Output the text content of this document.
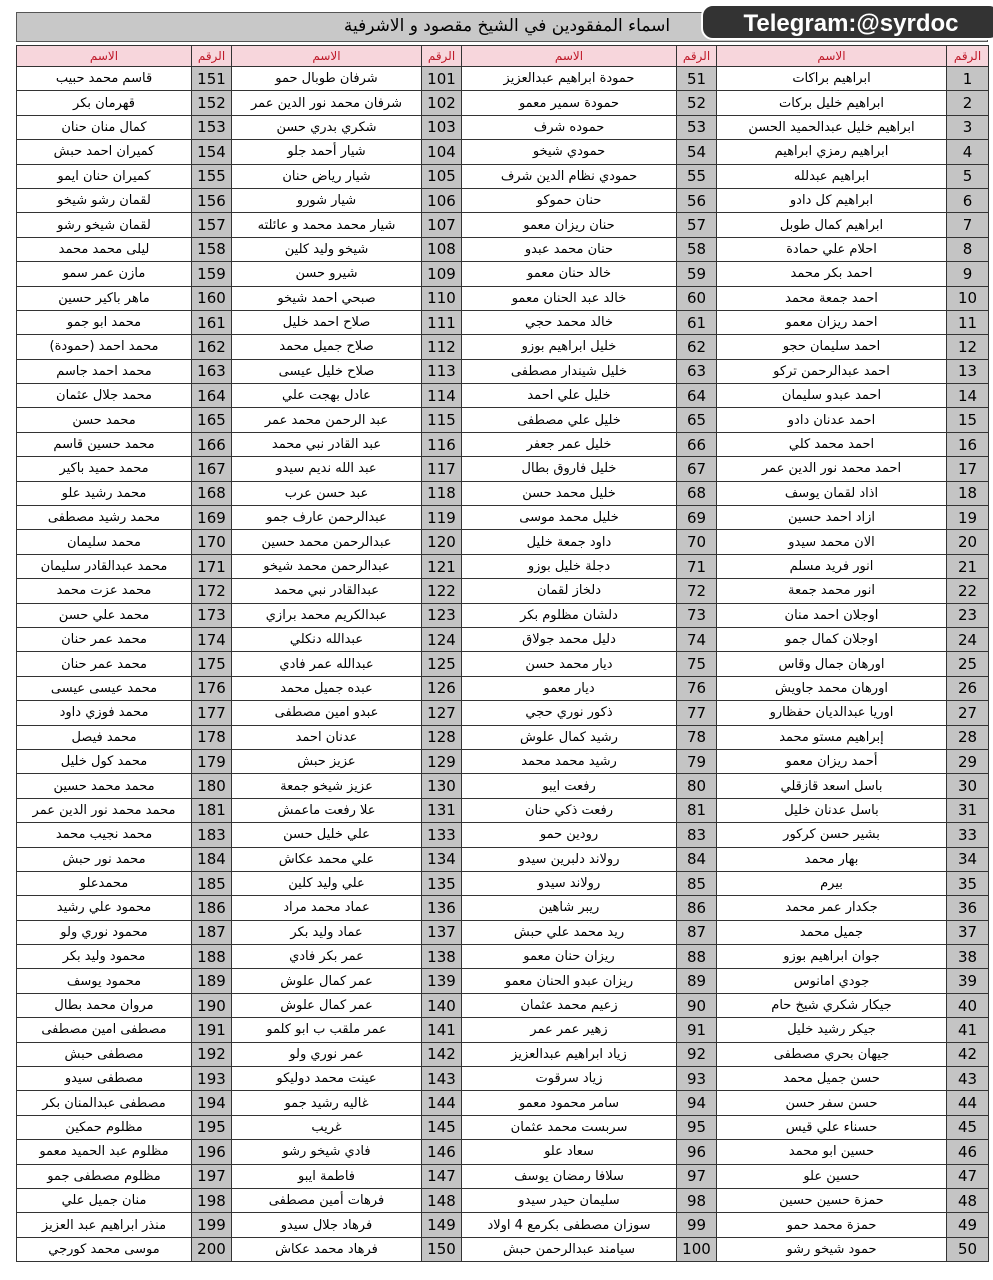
اسماء المفقودين في الشيخ مقصود و الاشرفية	Telegram:@syrdoc
الاسم	الرقم	الاسم	الرقم	الاسم	الرقم	الاسم	الرقم
قاسم محمد حبيب	151	شرفان طوبال حمو	101	حمودة ابراهيم عبدالعزيز	51	ابراهيم براكات	1
قهرمان بكر	152	شرفان محمد نور الدين عمر	102	حمودة سمير معمو	52	ابراهيم خليل بركات	2
كمال منان حنان	153	شكري بدري حسن	103	حموده شرف	53	ابراهيم خليل عبدالحميد الحسن	3
كميران احمد حبش	154	شيار أحمد جلو	104	حمودي شيخو	54	ابراهيم رمزي ابراهيم	4
كميران حنان ايمو	155	شيار رياض حنان	105	حمودي نظام الدين شرف	55	ابراهيم عبدلله	5
لقمان رشو شيخو	156	شيار شورو	106	حنان حموكو	56	ابراهيم كل دادو	6
لقمان شيخو رشو	157	شيار محمد محمد و عائلته	107	حنان ريزان معمو	57	ابراهيم كمال طوبل	7
ليلى محمد محمد	158	شيخو وليد كلين	108	حنان محمد عبدو	58	احلام علي حمادة	8
مازن عمر سمو	159	شيرو حسن	109	خالد حنان معمو	59	احمد بكر محمد	9
ماهر باكير حسين	160	صبحي احمد شيخو	110	خالد عبد الحنان معمو	60	احمد جمعة محمد	10
محمد ابو جمو	161	صلاح احمد خليل	111	خالد محمد حجي	61	احمد ريزان معمو	11
محمد احمد (حمودة)	162	صلاح جميل محمد	112	خليل ابراهيم بوزو	62	احمد سليمان حجو	12
محمد احمد جاسم	163	صلاح خليل عيسى	113	خليل شيندار مصطفى	63	احمد عبدالرحمن تركو	13
محمد جلال عثمان	164	عادل بهجت علي	114	خليل علي احمد	64	احمد عبدو سليمان	14
محمد حسن	165	عبد الرحمن محمد عمر	115	خليل علي مصطفى	65	احمد عدنان دادو	15
محمد حسين قاسم	166	عبد القادر نبي محمد	116	خليل عمر جعفر	66	احمد محمد كلي	16
محمد حميد باكير	167	عبد الله نديم سيدو	117	خليل فاروق بطال	67	احمد محمد نور الدين عمر	17
محمد رشيد علو	168	عبد حسن عرب	118	خليل محمد حسن	68	اذاد لقمان يوسف	18
محمد رشيد مصطفى	169	عبدالرحمن عارف جمو	119	خليل محمد موسى	69	ازاد احمد حسين	19
محمد سليمان	170	عبدالرحمن محمد حسين	120	داود جمعة خليل	70	الان محمد سيدو	20
محمد عبدالقادر سليمان	171	عبدالرحمن محمد شيخو	121	دجلة خليل بوزو	71	انور فريد مسلم	21
محمد عزت محمد	172	عبدالقادر نبي محمد	122	دلخاز لقمان	72	انور محمد جمعة	22
محمد علي حسن	173	عبدالكريم محمد برازي	123	دلشان مظلوم بكر	73	اوجلان احمد منان	23
محمد عمر حنان	174	عبدالله دنكلي	124	دليل محمد جولاق	74	اوجلان كمال جمو	24
محمد عمر حنان	175	عبدالله عمر فادي	125	ديار محمد حسن	75	اورهان جمال وقاس	25
محمد عيسى عيسى	176	عبده جميل محمد	126	ديار معمو	76	اورهان محمد جاويش	26
محمد فوزي داود	177	عبدو امين مصطفى	127	ذكور نوري حجي	77	اوريا عبدالديان حفظارو	27
محمد فيصل	178	عدنان احمد	128	رشيد كمال علوش	78	إبراهيم مستو محمد	28
محمد كول خليل	179	عزيز حبش	129	رشيد محمد محمد	79	أحمد ريزان معمو	29
محمد محمد حسين	180	عزيز شيخو جمعة	130	رفعت ايبو	80	باسل اسعد قازقلي	30
محمد محمد نور الدين عمر	181	علا رفعت ماعمش	131	رفعت ذكي حنان	81	باسل عدنان خليل	31
محمد نجيب محمد	183	علي خليل حسن	133	رودين حمو	83	بشير حسن كركور	33
محمد نور حبش	184	علي محمد عكاش	134	رولاند دلبرين سيدو	84	بهار محمد	34
محمدعلو	185	علي وليد كلين	135	رولاند سيدو	85	بيرم	35
محمود علي رشيد	186	عماد محمد مراد	136	ريبر شاهين	86	جكدار عمر محمد	36
محمود نوري ولو	187	عماد وليد بكر	137	ريد محمد علي حبش	87	جميل محمد	37
محمود وليد بكر	188	عمر بكر فادي	138	ريزان حنان معمو	88	جوان ابراهيم بوزو	38
محمود يوسف	189	عمر كمال علوش	139	ريزان عبدو الحنان معمو	89	جودي امانوس	39
مروان محمد بطال	190	عمر كمال علوش	140	زعيم محمد عثمان	90	جيكار شكري شيخ حام	40
مصطفى امين مصطفى	191	عمر ملقب ب ابو كلمو	141	زهير عمر عمر	91	جيكر رشيد خليل	41
مصطفى حبش	192	عمر نوري ولو	142	زياد ابراهيم عبدالعزيز	92	جيهان بحري مصطفى	42
مصطفى سيدو	193	عينت محمد دوليكو	143	زياد سرقوت	93	حسن جميل محمد	43
مصطفى عبدالمنان بكر	194	غاليه رشيد جمو	144	سامر محمود معمو	94	حسن سفر حسن	44
مظلوم حمكين	195	غريب	145	سربست محمد عثمان	95	حسناء علي قيس	45
مظلوم عبد الحميد معمو	196	فادي شيخو رشو	146	سعاد علو	96	حسين ابو محمد	46
مظلوم مصطفى جمو	197	فاطمة ايبو	147	سلافا رمضان يوسف	97	حسين علو	47
منان جميل علي	198	فرهات أمين مصطفى	148	سليمان حيدر سيدو	98	حمزة حسين حسين	48
منذر ابراهيم عبد العزيز	199	فرهاد جلال سيدو	149	سوزان مصطفى بكرمع 4 اولاد	99	حمزة محمد حمو	49
موسى محمد كورجي	200	فرهاد محمد عكاش	150	سيامند عبدالرحمن حبش	100	حمود شيخو رشو	50
